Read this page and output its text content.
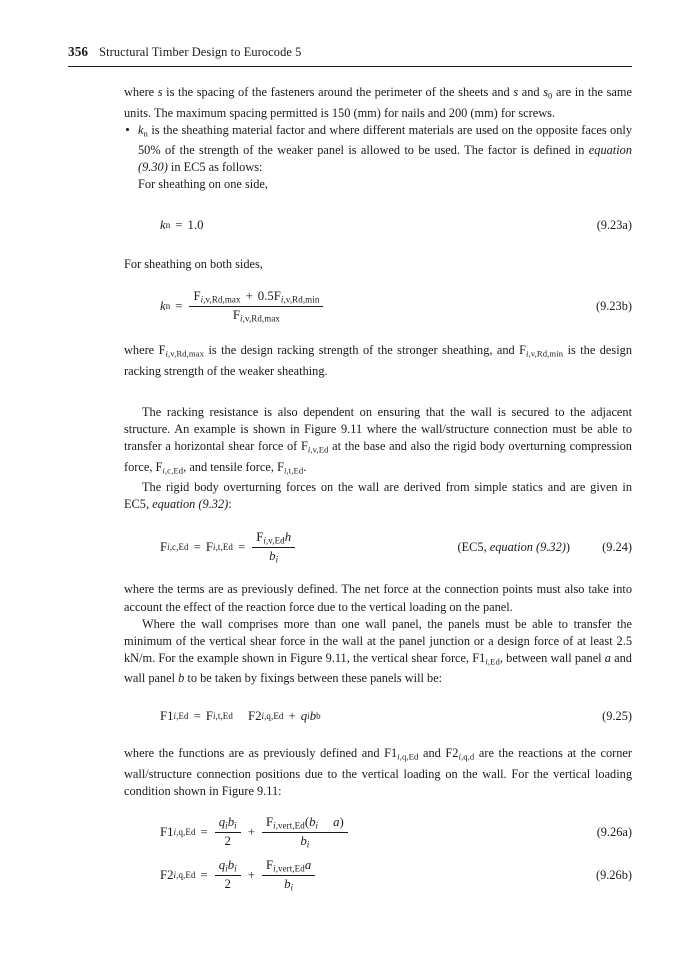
356 Structural Timber Design to Eurocode 5

where s is the spacing of the fasteners around the perimeter of the sheets and s and $s_0$ are in the same units. The maximum spacing permitted is 150 (mm) for nails and 200 (mm) for screws.

$k_n$ is the sheathing material factor and where different materials are used on the opposite faces only 50% of the strength of the weaker panel is allowed to be used. The factor is defined in equation (9.30) in EC5 as follows:
For sheathing on one side,
k n = 1.0	(9.23a)

For sheathing on both sides,

k $n = \frac{F_{i,v,Rd,max} + 0.5F_{i,v,Rd,min}}{F_{i,v,Rd,max}}$	(9.23b)

where $F_{i,v,Rd,max}$ is the design racking strength of the stronger sheathing, and $F_{i,v,Rd,min}$ is the design racking strength of the weaker sheathing.

The racking resistance is also dependent on ensuring that the wall is secured to the adjacent structure. An example is shown in Figure 9.11 where the wall/structure connection must be able to transfer a horizontal shear force of $F_{i,v,Ed}$ at the base and also the rigid body overturning compression force, $F_{i,c,Ed}$, and tensile force, $F_{i,t,Ed}$.

The rigid body overturning forces on the wall are derived from simple statics and are given in EC5, equation (9.32):

F i,c,Ed = F $i,t,Ed = \frac{F_{i,v,Ed}h}{b_i}$	(EC5, equation (9.32))	(9.24)

where the terms are as previously defined. The net force at the connection points must also take into account the effect of the reaction force due to the vertical loading on the panel.

Where the wall comprises more than one wall panel, the panels must be able to transfer the minimum of the vertical shear force in the wall at the panel junction or a design force of at least 2.5 kN/m. For the example shown in Figure 9.11, the vertical shear force, $F1_{i,Ed}$, between wall panel a and wall panel b to be taken by fixings between these panels will be:

F 1 i,Ed = F i,t,Ed F 2 i,q,Ed + q i b b	(9.25)

where the functions are as previously defined and $F1_{i,q,Ed}$ and $F2_{i,q,d}$ are the reactions at the corner wall/structure connection positions due to the vertical loading on the wall. For the vertical loading condition shown in Figure 9.11:

F 1 $i,q,Ed = \frac{q_ib_i}{2} + \frac{F_{i,vert,Ed}(b_i a)}{b_i}$	(9.26a)
F 2 $i,q,Ed = \frac{q_ib_i}{2} + \frac{F_{i,vert,Ed}a}{b_i}$	(9.26b)
